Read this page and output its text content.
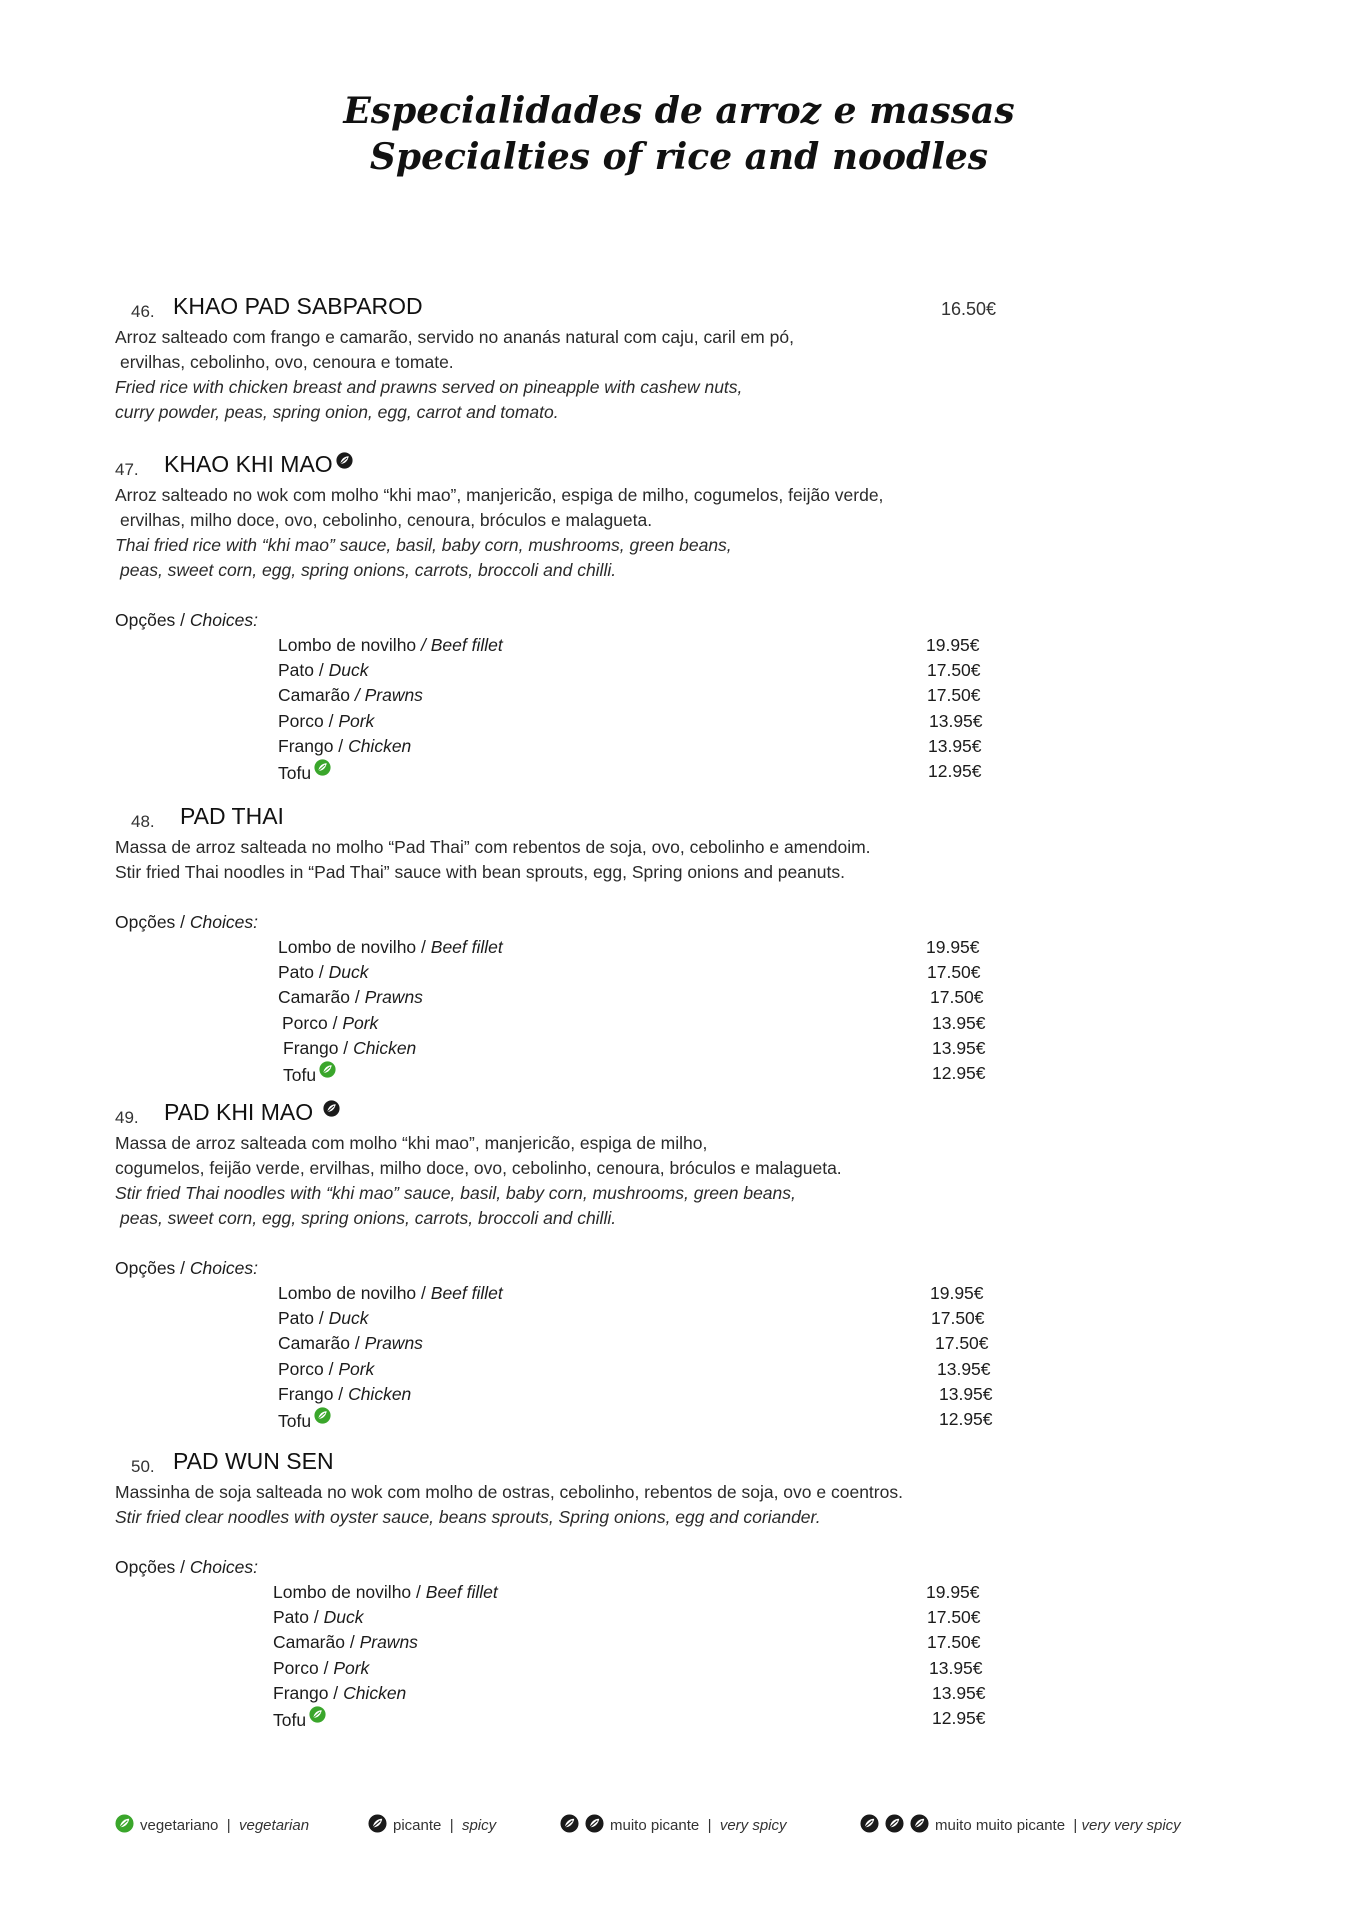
Especialidades de arroz e massas
Specialties of rice and noodles
46. KHAO PAD SABPAROD	16.50€
Arroz salteado com frango e camarão, servido no ananás natural com caju, caril em pó,
ervilhas, cebolinho, ovo, cenoura e tomate.
Fried rice with chicken breast and prawns served on pineapple with cashew nuts,
curry powder, peas, spring onion, egg, carrot and tomato.
47. KHAO KHI MAO
Arroz salteado no wok com molho “khi mao”, manjericão, espiga de milho, cogumelos, feijão verde,
ervilhas, milho doce, ovo, cebolinho, cenoura, bróculos e malagueta.
Thai fried rice with “khi mao” sauce, basil, baby corn, mushrooms, green beans,
peas, sweet corn, egg, spring onions, carrots, broccoli and chilli.
Opções / Choices:
Lombo de novilho / Beef fillet	19.95€
Pato / Duck	17.50€
Camarão / Prawns	17.50€
Porco / Pork	13.95€
Frango / Chicken	13.95€
Tofu	12.95€
48. PAD THAI
Massa de arroz salteada no molho “Pad Thai” com rebentos de soja, ovo, cebolinho e amendoim.
Stir fried Thai noodles in “Pad Thai” sauce with bean sprouts, egg, Spring onions and peanuts.
Opções / Choices:
Lombo de novilho / Beef fillet	19.95€
Pato / Duck	17.50€
Camarão / Prawns	17.50€
Porco / Pork	13.95€
Frango / Chicken	13.95€
Tofu	12.95€
49. PAD KHI MAO
Massa de arroz salteada com molho “khi mao”, manjericão, espiga de milho,
cogumelos, feijão verde, ervilhas, milho doce, ovo, cebolinho, cenoura, bróculos e malagueta.
Stir fried Thai noodles with “khi mao” sauce, basil, baby corn, mushrooms, green beans,
peas, sweet corn, egg, spring onions, carrots, broccoli and chilli.
Opções / Choices:
Lombo de novilho / Beef fillet	19.95€
Pato / Duck	17.50€
Camarão / Prawns	17.50€
Porco / Pork	13.95€
Frango / Chicken	13.95€
Tofu	12.95€
50. PAD WUN SEN
Massinha de soja salteada no wok com molho de ostras, cebolinho, rebentos de soja, ovo e coentros.
Stir fried clear noodles with oyster sauce, beans sprouts, Spring onions, egg and coriander.
Opções / Choices:
Lombo de novilho / Beef fillet	19.95€
Pato / Duck	17.50€
Camarão / Prawns	17.50€
Porco / Pork	13.95€
Frango / Chicken	13.95€
Tofu	12.95€
vegetariano | vegetarian	picante | spicy	muito picante | very spicy	muito muito picante | very very spicy
